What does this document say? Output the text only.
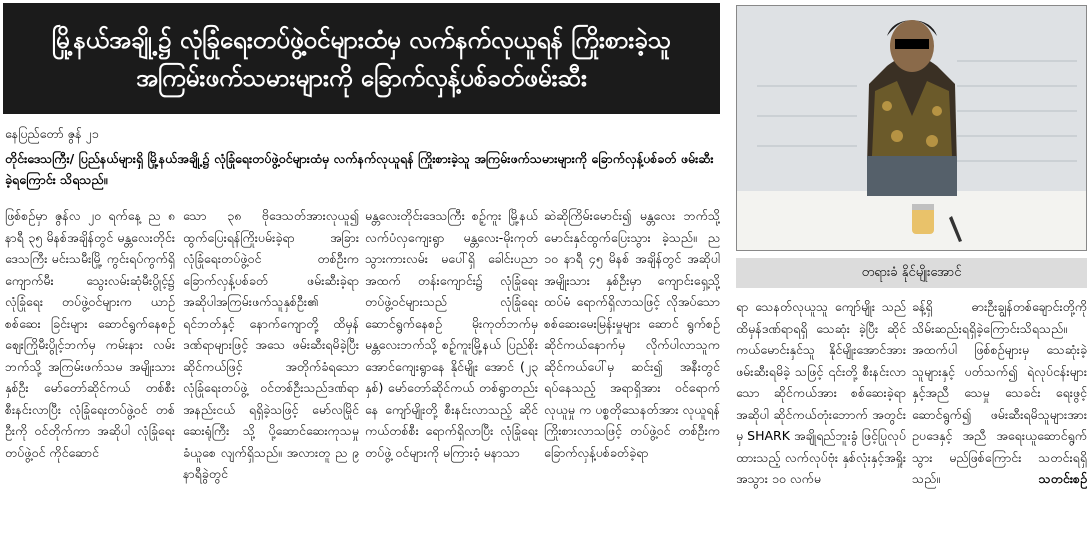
မြို့နယ်အချို့၌ လုံခြုံရေးတပ်ဖွဲ့ဝင်များထံမှ လက်နက်လုယူရန် ကြိုးစားခဲ့သူ
အကြမ်းဖက်သမားများကို ခြောက်လှန့်ပစ်ခတ်ဖမ်းဆီး
တရားခံ နိုင်မျိုးအောင်
နေပြည်တော် ဇွန် ၂၁
တိုင်းဒေသကြီး/ ပြည်နယ်များရှိ မြို့နယ်အချို့၌ လုံခြုံရေးတပ်ဖွဲ့ဝင်များထံမှ လက်နက်လုယူရန် ကြိုးစားခဲ့သူ အကြမ်းဖက်သမားများကို ခြောက်လှန့်ပစ်ခတ် ဖမ်းဆီးခဲ့ရကြောင်း သိရသည်။
ဖြစ်စဉ်မှာ ဇွန်လ ၂၀ ရက်နေ့ ည ၈ နာရီ ၃၅ မိနစ်အချိန်တွင် မန္တလေးတိုင်းဒေသကြီး မင်းသမီးမြို့ ကွင်းရပ်ကွက်ရှိ ကျောက်မီး သွေးလမ်းဆုံမီးပွိုင့်၌ လုံခြုံရေး တပ်ဖွဲ့ဝင်များက ယာဉ်စစ်ဆေး ခြင်းများ ဆောင်ရွက်နေစဉ် ဈေးကြိုမီးပွိုင့်ဘက်မှ ကမ်းနား လမ်းဘက်သို့ အကြမ်းဖက်သမ အမျိုးသားနှစ်ဦး မော်တော်ဆိုင်ကယ် တစ်စီးစီးနင်းလာပြီး လုံခြုံရေးတပ်ဖွဲ့ဝင် တစ်ဦးကို ဝင်တိုက်ကာ အဆိုပါ လုံခြုံရေးတပ်ဖွဲ့ဝင် ကိုင်ဆောင်
သော ၃၈ ဗိုဒေသတ်အားလုယူ၍ ထွက်ပြေးရန်ကြိုးပမ်းခဲ့ရာ အခြား လုံခြုံရေးတပ်ဖွဲ့ဝင် တစ်ဦးက ခြောက်လှန့်ပစ်ခတ် ဖမ်းဆီးခဲ့ရာ အဆိုပါအကြမ်းဖက်သူနှစ်ဦး၏ ရင်ဘတ်နှင့် နောက်ကျောတို့ ထိမှန်ဒဏ်ရာများဖြင့် အသေ ဖမ်းဆီးရမိခဲ့ပြီး ဆိုင်ကယ်ဖြင့် အတိုက်ခံရသော လုံခြုံရေးတပ်ဖွဲ့ ဝင်တစ်ဦးသည်ဒဏ်ရာအနည်းငယ် ရရှိခဲ့သဖြင့် မော်လမြိုင်ဆေးရုံကြီး သို့ ပို့ဆောင်ဆေးကုသမှု ခံယူစေ လျက်ရှိသည်။ အလားတူ ည ၉ နာရီခွဲတွင်
မန္တလေးတိုင်းဒေသကြီး စဉ့်ကူး မြို့နယ် လက်ပံလှကျေးရွာ မန္တလေး-မိုးကုတ်သွားကားလမ်း မပေါ်ရှိ ခေါင်းပညာအထက် တန်းကျောင်း၌ လုံခြုံရေး တပ်ဖွဲ့ဝင်များသည် လုံခြုံရေး ဆောင်ရွက်နေစဉ် မိုးကုတ်ဘက်မှ မန္တလေးဘက်သို့ စဉ့်ကူးမြို့နယ် ပြည်စိုးအောင်ကျေးရွာနေ နိုင်မျိုး အောင် (၂၃ နှစ်) မော်တော်ဆိုင်ကယ် တစ်ရွာတည်းနေ ကျော်မျိုးတို့ စီးနင်းလာသည့် ဆိုင်ကယ်တစ်စီး ရောက်ရှိလာပြီး လုံခြုံရေးတပ်ဖွဲ့ ဝင်များကို မကြားဝံ့ မနာသာ
ဆဲဆိုကြိမ်းမောင်း၍ မန္တလေး ဘက်သို့ မောင်းနှင်ထွက်ပြေးသွား ခဲ့သည်။ ည ၁၀ နာရီ ၄၅ မိနစ် အချိန်တွင် အဆိုပါအမျိုးသား နှစ်ဦးမှာ ကျောင်းရှေ့သို့ ထပ်မံ ရောက်ရှိလာသဖြင့် လိုအပ်သော စစ်ဆေးမေးမြန်းမှုများ ဆောင် ရွက်စဉ် ဆိုင်ကယ်နောက်မှ လိုက်ပါလာသူက ဆိုင်ကယ်ပေါ်မှ ဆင်း၍ အနီးတွင် ရပ်နေသည့် အရာရှိအား ဝင်ရောက်လုယူမှု က ပစ္စတိုသေနတ်အား လုယူရန် ကြိုးစားလာသဖြင့် တပ်ဖွဲ့ဝင် တစ်ဦးက ခြောက်လှန့်ပစ်ခတ်ခဲ့ရာ
ရာ သေနတ်လုယူသူ ကျော်မျိုး သည် ထိမှန်ဒဏ်ရာရရှိ သေဆုံး ခဲ့ပြီး ဆိုင်ကယ်မောင်းနှင်သူ နိုင်မျိုးအောင်အား ဖမ်းဆီးရမိခဲ့ သဖြင့် ၎င်းတို့ စီးနင်းလာသော ဆိုင်ကယ်အား စစ်ဆေးခဲ့ရာ အဆိုပါ ဆိုင်ကယ်တုံးဘောက် အတွင်းမှ SHARK အချိုရည်ဘူးခွံ ဖြင့်ပြုလုပ်ထားသည့် လက်လုပ်ဗုံး နှစ်လုံးနှင့်အရှိုးအသွား ၁၀ လက်မ
ခန့်ရှိ ဓားဦးချွန်တစ်ချောင်းတို့ကို သိမ်းဆည်းရရှိခဲ့ကြောင်းသိရသည်။ အထက်ပါ ဖြစ်စဉ်များမှ သေဆုံးခဲ့သူများနှင့် ပတ်သက်၍ ရဲလုပ်ငန်းများနှင့်အညီ သေမှု သေခင်း ရေးဖွင့်ဆောင်ရွက်၍ ဖမ်းဆီးရမိသူများအား ဥပဒေနှင့် အညီ အရေးယူဆောင်ရွက်သွား မည်ဖြစ်ကြောင်း သတင်းရရှိ သည်။	သတင်းစဉ်
